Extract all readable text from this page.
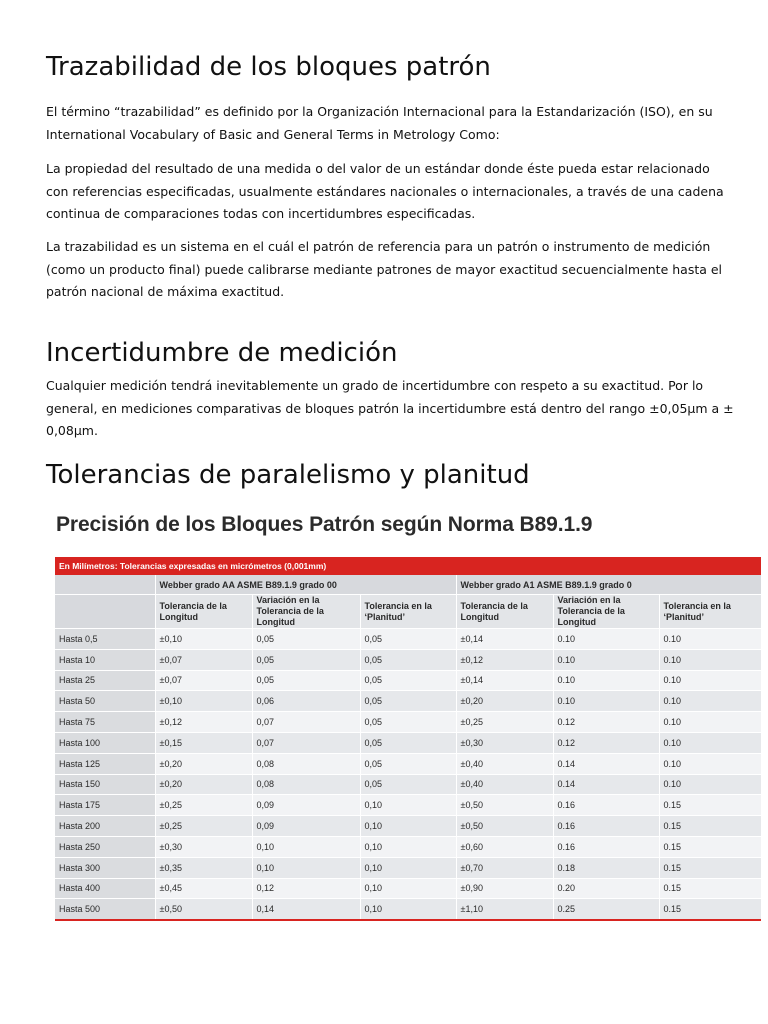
Trazabilidad de los bloques patrón

El término “trazabilidad” es definido por la Organización Internacional para la Estandarización (ISO), en su International Vocabulary of Basic and General Terms in Metrology Como:

La propiedad del resultado de una medida o del valor de un estándar donde éste pueda estar relacionado con referencias especificadas, usualmente estándares nacionales o internacionales, a través de una cadena continua de comparaciones todas con incertidumbres especificadas.

La trazabilidad es un sistema en el cuál el patrón de referencia para un patrón o instrumento de medición (como un producto final) puede calibrarse mediante patrones de mayor exactitud secuencialmente hasta el patrón nacional de máxima exactitud.

Incertidumbre de medición

Cualquier medición tendrá inevitablemente un grado de incertidumbre con respeto a su exactitud. Por lo general, en mediciones comparativas de bloques patrón la incertidumbre está dentro del rango ±0,05µm a ± 0,08µm.

Tolerancias de paralelismo y planitud
Precisión de los Bloques Patrón según Norma B89.1.9
En Milímetros: Tolerancias expresadas en micrómetros (0,001mm)
	Webber grado AA ASME B89.1.9 grado 00			Webber grado A1 ASME B89.1.9 grado 0		
	Tolerancia de la Longitud	Variación en la Tolerancia de la Longitud	Tolerancia en la ‘Planitud’	Tolerancia de la Longitud	Variación en la Tolerancia de la Longitud	Tolerancia en la ‘Planitud’
Hasta 0,5	±0,10	0,05	0,05	±0,14	0.10	0.10
Hasta 10	±0,07	0,05	0,05	±0,12	0.10	0.10
Hasta 25	±0,07	0,05	0,05	±0,14	0.10	0.10
Hasta 50	±0,10	0,06	0,05	±0,20	0.10	0.10
Hasta 75	±0,12	0,07	0,05	±0,25	0.12	0.10
Hasta 100	±0,15	0,07	0,05	±0,30	0.12	0.10
Hasta 125	±0,20	0,08	0,05	±0,40	0.14	0.10
Hasta 150	±0,20	0,08	0,05	±0,40	0.14	0.10
Hasta 175	±0,25	0,09	0,10	±0,50	0.16	0.15
Hasta 200	±0,25	0,09	0,10	±0,50	0.16	0.15
Hasta 250	±0,30	0,10	0,10	±0,60	0.16	0.15
Hasta 300	±0,35	0,10	0,10	±0,70	0.18	0.15
Hasta 400	±0,45	0,12	0,10	±0,90	0.20	0.15
Hasta 500	±0,50	0,14	0,10	±1,10	0.25	0.15
